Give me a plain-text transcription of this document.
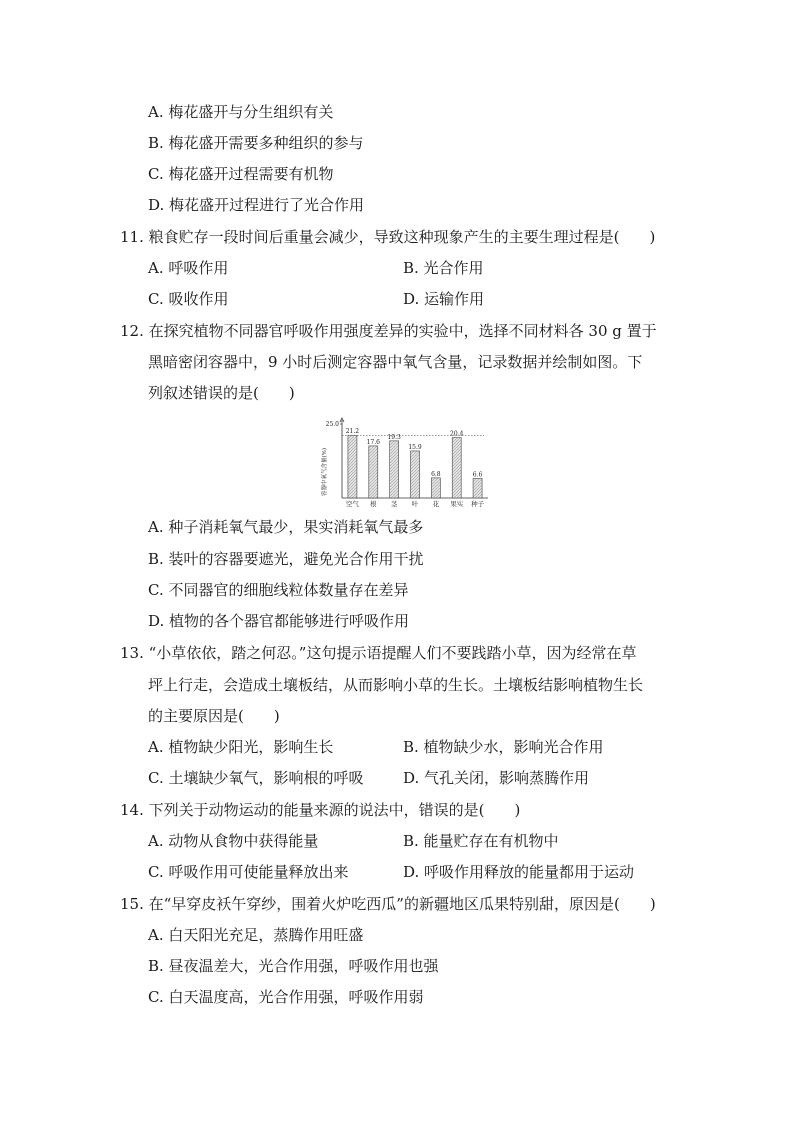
A. 梅花盛开与分生组织有关
B. 梅花盛开需要多种组织的参与
C. 梅花盛开过程需要有机物
D. 梅花盛开过程进行了光合作用
11. 粮食贮存一段时间后重量会减少，导致这种现象产生的主要生理过程是(　　)
A. 呼吸作用	B. 光合作用
C. 吸收作用	D. 运输作用
12. 在探究植物不同器官呼吸作用强度差异的实验中，选择不同材料各 30 g 置于
黑暗密闭容器中，9 小时后测定容器中氧气含量，记录数据并绘制如图。下
列叙述错误的是(　　)
25.0
容器中氧气含量(%)
21.2
空气
17.6
根
19.3
茎
15.9
叶
6.8
花
20.4
果实
6.6
种子
A. 种子消耗氧气最少，果实消耗氧气最多
B. 装叶的容器要遮光，避免光合作用干扰
C. 不同器官的细胞线粒体数量存在差异
D. 植物的各个器官都能够进行呼吸作用
13. “小草依依，踏之何忍。”这句提示语提醒人们不要践踏小草，因为经常在草
坪上行走，会造成土壤板结，从而影响小草的生长。土壤板结影响植物生长
的主要原因是(　　)
A. 植物缺少阳光，影响生长	B. 植物缺少水，影响光合作用
C. 土壤缺少氧气，影响根的呼吸	D. 气孔关闭，影响蒸腾作用
14. 下列关于动物运动的能量来源的说法中，错误的是(　　)
A. 动物从食物中获得能量	B. 能量贮存在有机物中
C. 呼吸作用可使能量释放出来	D. 呼吸作用释放的能量都用于运动
15. 在“早穿皮袄午穿纱，围着火炉吃西瓜”的新疆地区瓜果特别甜，原因是(　　)
A. 白天阳光充足，蒸腾作用旺盛
B. 昼夜温差大，光合作用强，呼吸作用也强
C. 白天温度高，光合作用强，呼吸作用弱
